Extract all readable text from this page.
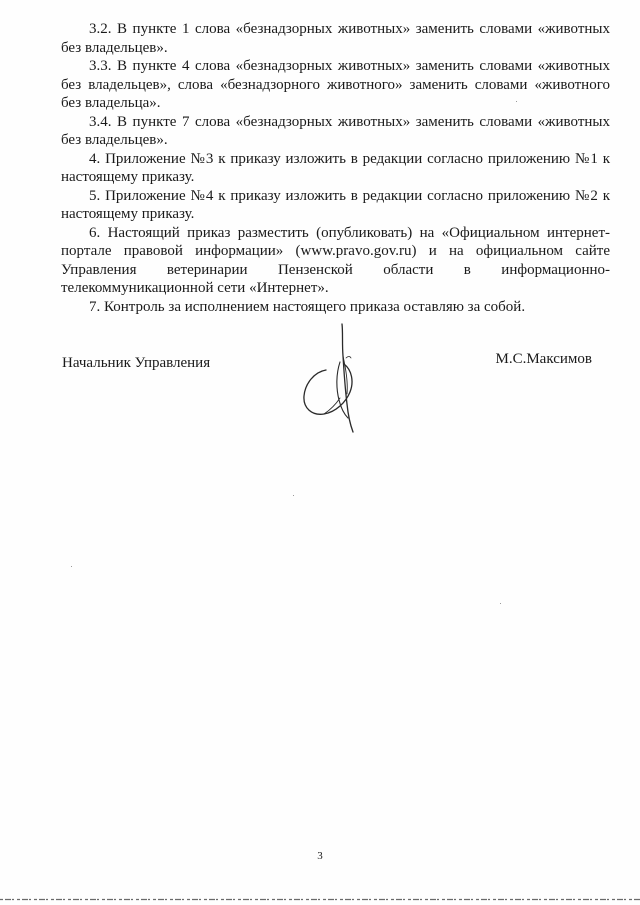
3.2. В пункте 1 слова «безнадзорных животных» заменить словами «животных без владельцев».

3.3. В пункте 4 слова «безнадзорных животных» заменить словами «животных без владельцев», слова «безнадзорного животного» заменить словами «животного без владельца».

3.4. В пункте 7 слова «безнадзорных животных» заменить словами «животных без владельцев».

4. Приложение №3 к приказу изложить в редакции согласно приложению №1 к настоящему приказу.

5. Приложение №4 к приказу изложить в редакции согласно приложению №2 к настоящему приказу.

6. Настоящий приказ разместить (опубликовать) на «Официальном интернет-портале правовой информации» (www.pravo.gov.ru) и на официальном сайте Управления ветеринарии Пензенской области в информационно-телекоммуникационной сети «Интернет».

7. Контроль за исполнением настоящего приказа оставляю за собой.

Начальник Управления	М.С.Максимов
3
